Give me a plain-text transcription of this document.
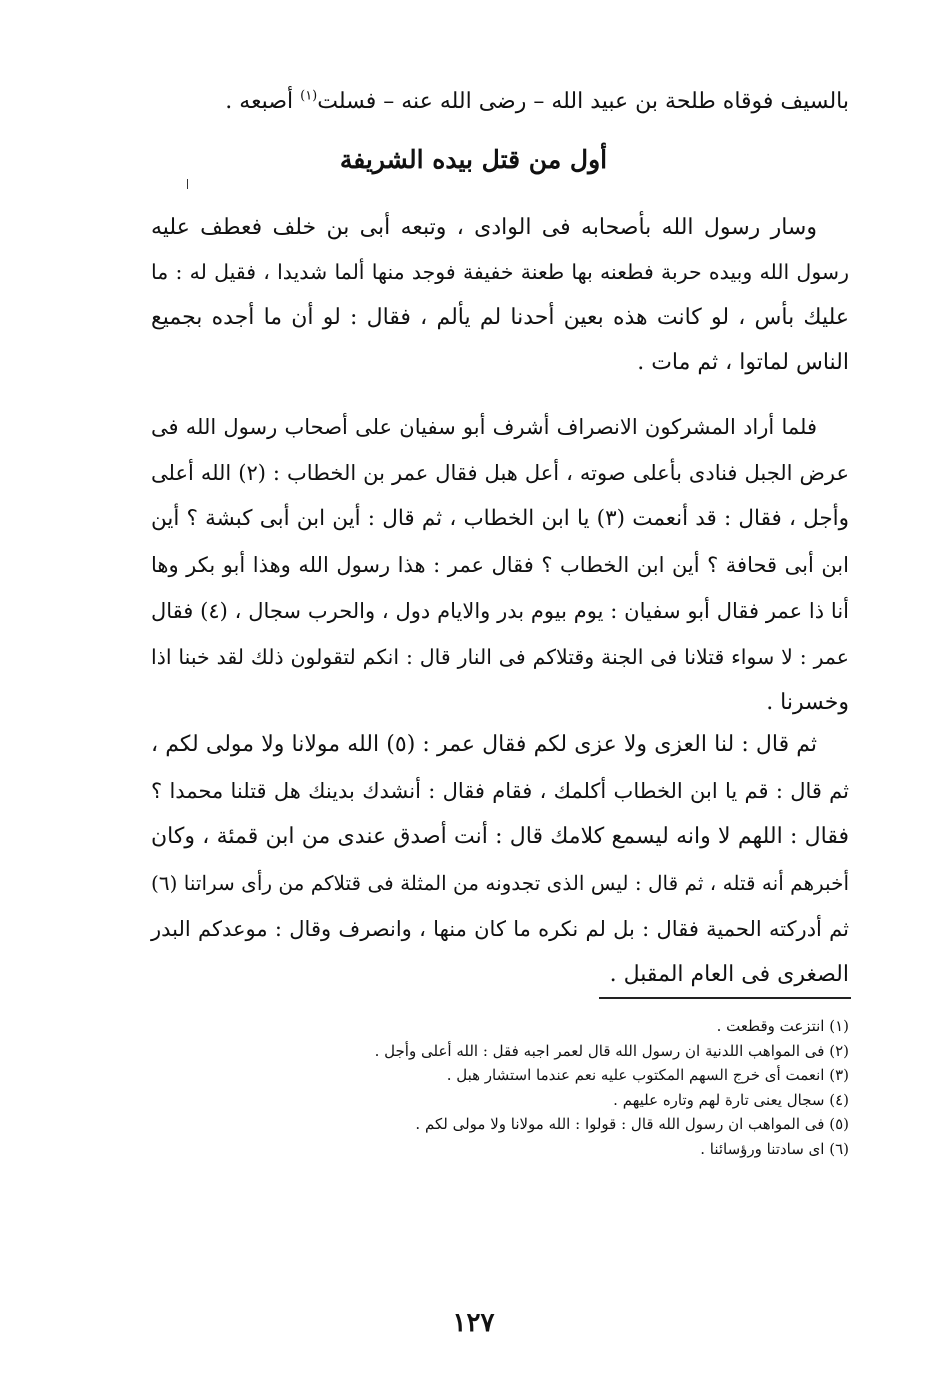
بالسيف فوقاه طلحة بن عبيد الله – رضى الله عنه – فسلت$^{(١)}$ أصبعه .
أول من قتل بيده الشريفة
وسار رسول الله بأصحابه فى الوادى ، وتبعه أبى بن خلف فعطف عليه
رسول الله وبيده حربة فطعنه بها طعنة خفيفة فوجد منها ألما شديدا ، فقيل له : ما
عليك بأس ، لو كانت هذه بعين أحدنا لم يألم ، فقال : لو أن ما أجده بجميع
الناس لماتوا ، ثم مات .
فلما أراد المشركون الانصراف أشرف أبو سفيان على أصحاب رسول الله فى
عرض الجبل فنادى بأعلى صوته ، أعل هبل فقال عمر بن الخطاب : (٢) الله أعلى
وأجل ، فقال : قد أنعمت (٣) يا ابن الخطاب ، ثم قال : أين ابن أبى كبشة ؟ أين
ابن أبى قحافة ؟ أين ابن الخطاب ؟ فقال عمر : هذا رسول الله وهذا أبو بكر وها
أنا ذا عمر فقال أبو سفيان : يوم بيوم بدر والايام دول ، والحرب سجال ، (٤) فقال
عمر : لا سواء قتلانا فى الجنة وقتلاكم فى النار قال : انكم لتقولون ذلك لقد خبنا اذا
وخسرنا .
ثم قال : لنا العزى ولا عزى لكم فقال عمر : (٥) الله مولانا ولا مولى لكم ،
ثم قال : قم يا ابن الخطاب أكلمك ، فقام فقال : أنشدك بدينك هل قتلنا محمدا ؟
فقال : اللهم لا وانه ليسمع كلامك قال : أنت أصدق عندى من ابن قمئة ، وكان
أخبرهم أنه قتله ، ثم قال : ليس الذى تجدونه من المثلة فى قتلاكم من رأى سراتنا (٦)
ثم أدركته الحمية فقال : بل لم نكره ما كان منها ، وانصرف وقال : موعدكم البدر
الصغرى فى العام المقبل .
(١) انتزعت وقطعت .
(٢) فى المواهب اللدنية ان رسول الله قال لعمر اجبه فقل : الله أعلى وأجل .
(٣) انعمت أى خرج السهم المكتوب عليه نعم عندما استشار هبل .
(٤) سجال يعنى تارة لهم وتاره عليهم .
(٥) فى المواهب ان رسول الله قال : قولوا : الله مولانا ولا مولى لكم .
(٦) اى سادتنا ورؤسائنا .
١٢٧
